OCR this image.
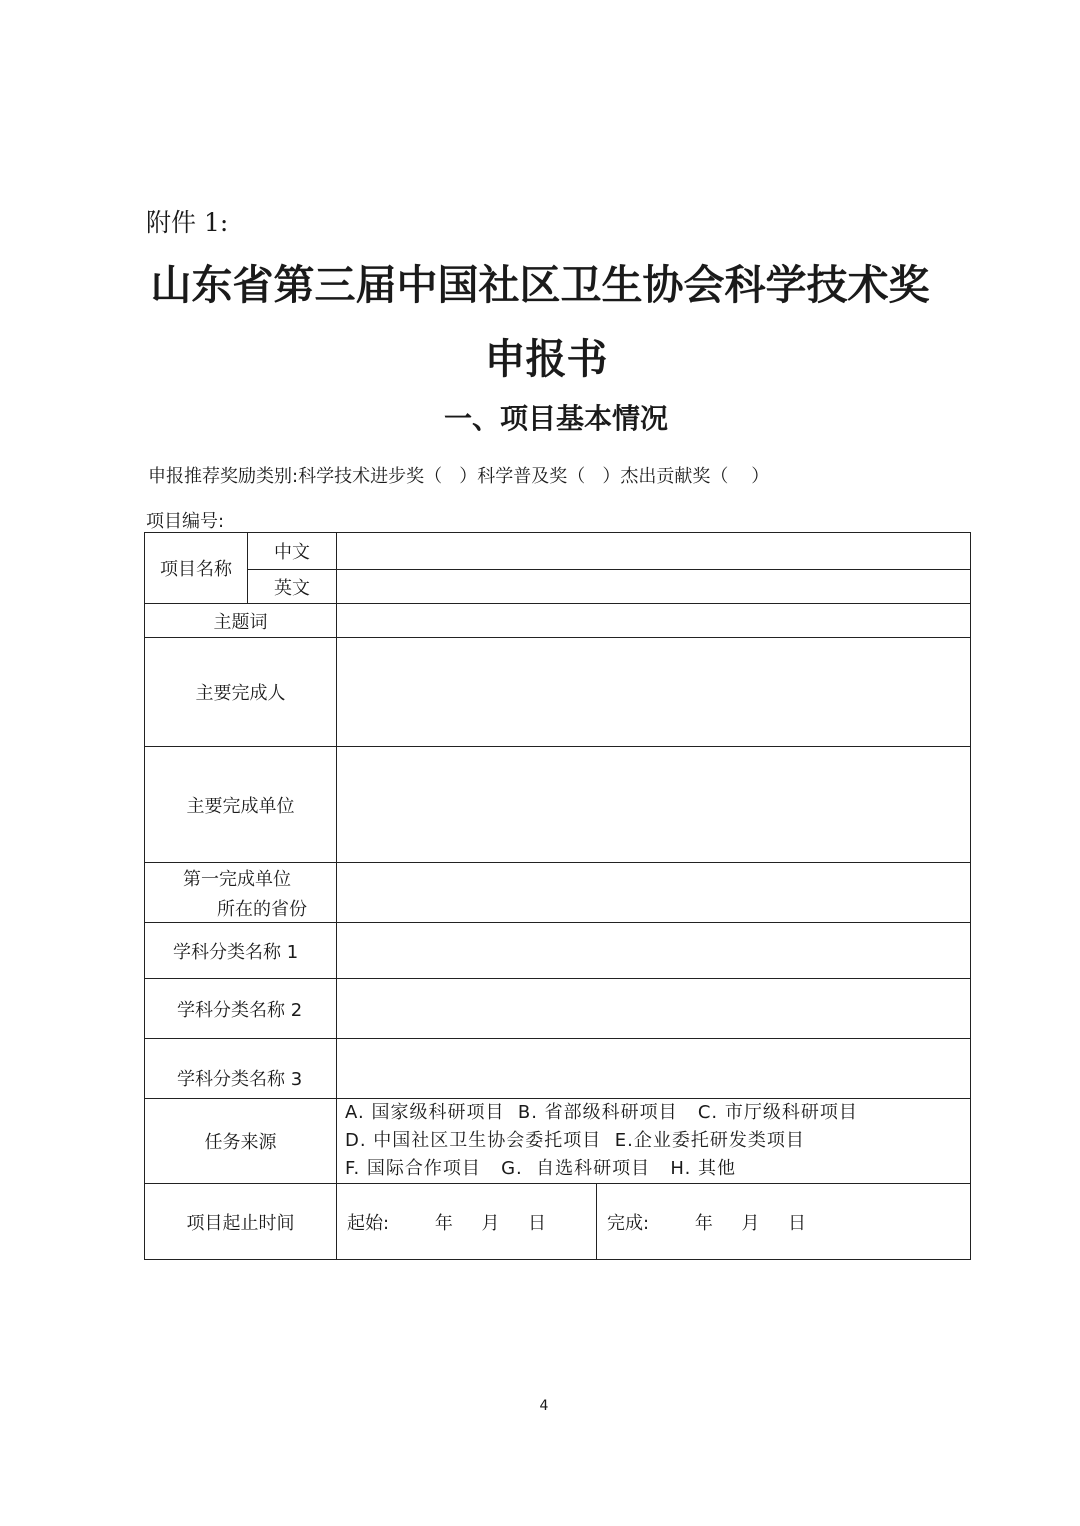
附件 1:
山东省第三届中国社区卫生协会科学技术奖
申报书
一、项目基本情况
申报推荐奖励类别:科学技术进步奖（   ）科学普及奖（   ）杰出贡献奖（    ）
项目编号:
项目名称	中文		
	英文		
主题词			
主要完成人			
主要完成单位			

第一完成单位
所在的省份			

学科分类名称 1			

学科分类名称 2			

学科分类名称 3			

任务来源		A. 国家级科研项目  B. 省部级科研项目   C. 市厅级科研项目
D. 中国社区卫生协会委托项目  E.企业委托研发类项目
F. 国际合作项目   G.  自选科研项目   H. 其他	

项目起止时间		起始:        年     月     日	完成:        年     月     日
4
